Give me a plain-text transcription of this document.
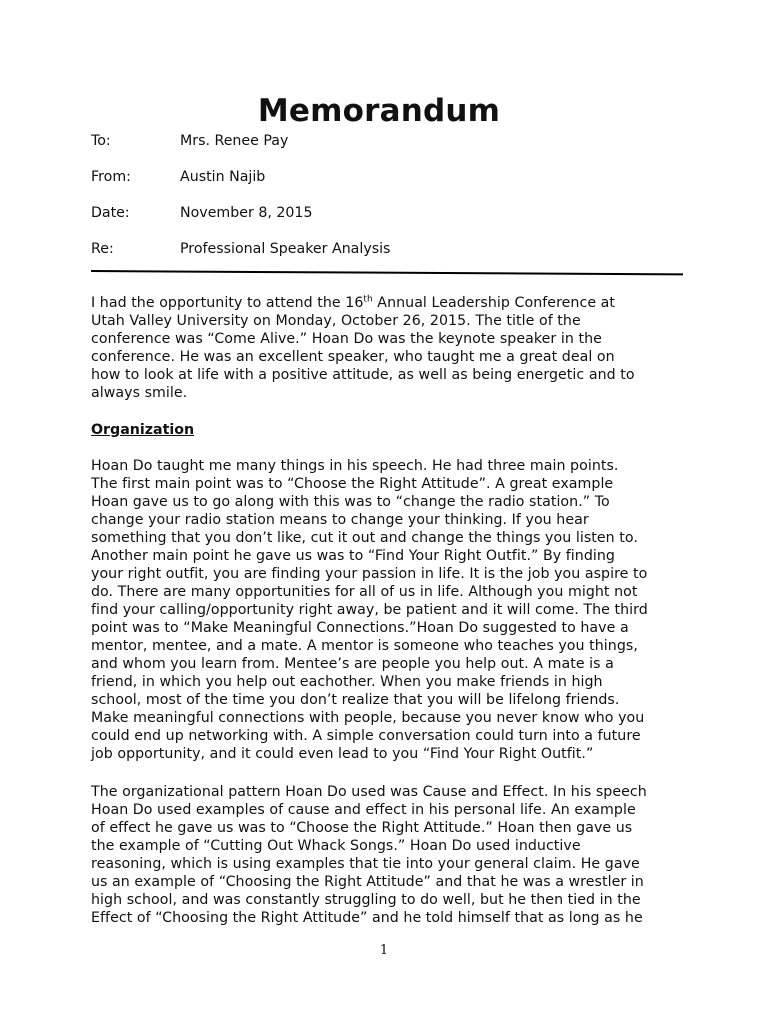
Memorandum
To:	Mrs. Renee Pay
From:	Austin Najib
Date:	November 8, 2015
Re:	Professional Speaker Analysis
I had the opportunity to attend the 16th Annual Leadership Conference at
Utah Valley University on Monday, October 26, 2015. The title of the
conference was “Come Alive.” Hoan Do was the keynote speaker in the
conference. He was an excellent speaker, who taught me a great deal on
how to look at life with a positive attitude, as well as being energetic and to
always smile.
Organization
Hoan Do taught me many things in his speech. He had three main points.
The first main point was to “Choose the Right Attitude”. A great example
Hoan gave us to go along with this was to “change the radio station.” To
change your radio station means to change your thinking. If you hear
something that you don’t like, cut it out and change the things you listen to.
Another main point he gave us was to “Find Your Right Outfit.” By finding
your right outfit, you are finding your passion in life. It is the job you aspire to
do. There are many opportunities for all of us in life. Although you might not
find your calling/opportunity right away, be patient and it will come. The third
point was to “Make Meaningful Connections.”Hoan Do suggested to have a
mentor, mentee, and a mate. A mentor is someone who teaches you things,
and whom you learn from. Mentee’s are people you help out. A mate is a
friend, in which you help out eachother. When you make friends in high
school, most of the time you don’t realize that you will be lifelong friends.
Make meaningful connections with people, because you never know who you
could end up networking with. A simple conversation could turn into a future
job opportunity, and it could even lead to you “Find Your Right Outfit.”
The organizational pattern Hoan Do used was Cause and Effect. In his speech
Hoan Do used examples of cause and effect in his personal life. An example
of effect he gave us was to “Choose the Right Attitude.” Hoan then gave us
the example of “Cutting Out Whack Songs.” Hoan Do used inductive
reasoning, which is using examples that tie into your general claim. He gave
us an example of “Choosing the Right Attitude” and that he was a wrestler in
high school, and was constantly struggling to do well, but he then tied in the
Effect of “Choosing the Right Attitude” and he told himself that as long as he
1
